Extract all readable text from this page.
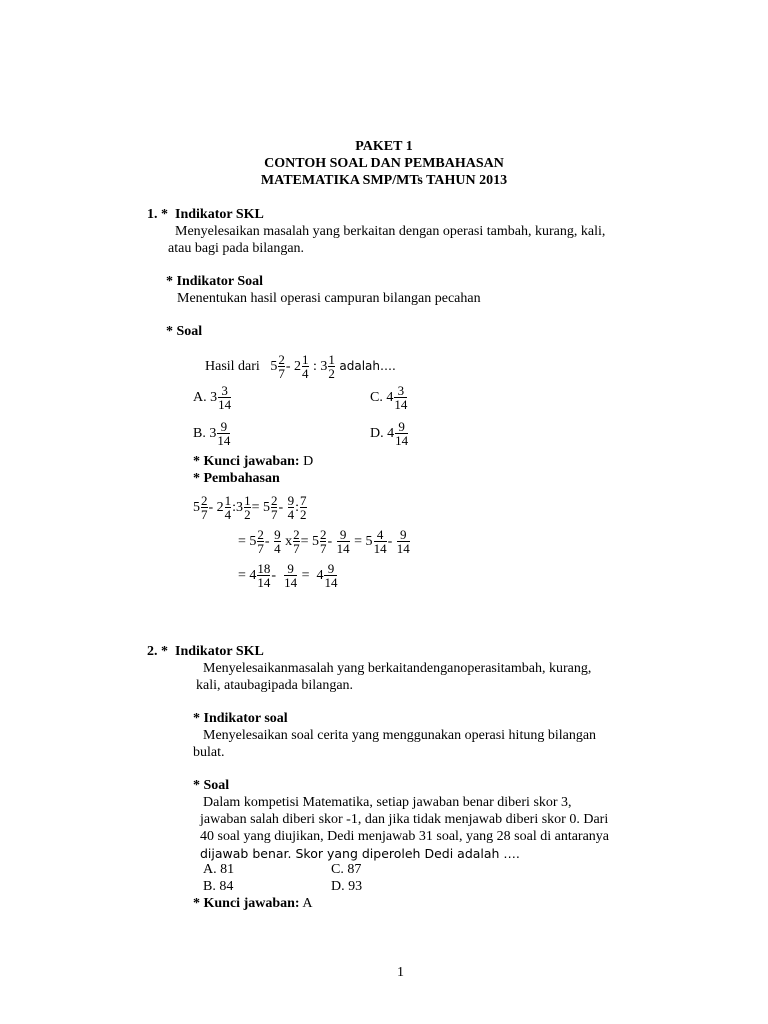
PAKET 1
CONTOH SOAL DAN PEMBAHASAN
MATEMATIKA SMP/MTs TAHUN 2013
1. * Indikator SKL
Menyelesaikan masalah yang berkaitan dengan operasi tambah, kurang, kali,
atau bagi pada bilangan.
* Indikator Soal
Menentukan hasil operasi campuran bilangan pecahan
* Soal
Hasil dari   $5 \frac{2}{7} - 2 \frac{1}{4}$ : $3 \frac{1}{2}$ adalah….
A. $3 \frac{3}{14}$	C. $4 \frac{3}{14}$
B. $3 \frac{9}{14}$	D. $4 \frac{9}{14}$
* Kunci jawaban: D
* Pembahasan
$5 \frac{2}{7} - 2 \frac{1}{4}$ :3 $\frac{1}{2} = 5 \frac{2}{7} - \frac{9}{4}$ : $\frac{7}{2}$
= $5 \frac{2}{7} - \frac{9}{4}$ x $\frac{2}{7} = 5 \frac{2}{7} - \frac{9}{14} = 5 \frac{4}{14} - \frac{9}{14}$
= $4 \frac{18}{14} - \frac{9}{14} = 4 \frac{9}{14}$
2. * Indikator SKL
Menyelesaikanmasalah yang berkaitandenganoperasitambah, kurang,
kali, ataubagipada bilangan.
* Indikator soal
Menyelesaikan soal cerita yang menggunakan operasi hitung bilangan
bulat.
* Soal
Dalam kompetisi Matematika, setiap jawaban benar diberi skor 3,
jawaban salah diberi skor -1, dan jika tidak menjawab diberi skor 0. Dari
40 soal yang diujikan, Dedi menjawab 31 soal, yang 28 soal di antaranya
dijawab benar. Skor yang diperoleh Dedi adalah ….
A. 81	C. 87
B. 84	D. 93
* Kunci jawaban: A
1
